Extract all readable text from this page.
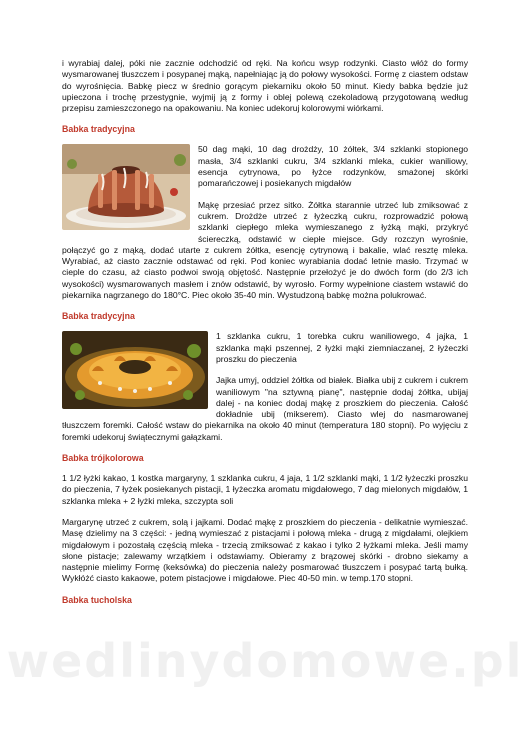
i wyrabiaj dalej, póki nie zacznie odchodzić od ręki. Na końcu wsyp rodzynki. Ciasto włóż do formy wysmarowanej tłuszczem i posypanej mąką, napełniając ją do połowy wysokości. Formę z ciastem odstaw do wyrośnięcia. Babkę piecz w średnio gorącym piekarniku około 50 minut. Kiedy babka będzie już upieczona i trochę przestygnie, wyjmij ją z formy i oblej polewą czekoladową przygotowaną według przepisu zamieszczonego na opakowaniu. Na koniec udekoruj kolorowymi wiórkami.

Babka tradycyjna

50 dag mąki, 10 dag drożdży, 10 żółtek, 3/4 szklanki stopionego masła, 3/4 szklanki cukru, 3/4 szklanki mleka, cukier waniliowy, esencja cytrynowa, po łyżce rodzynków, smażonej skórki pomarańczowej i posiekanych migdałów

Mąkę przesiać przez sitko. Żółtka starannie utrzeć lub zmiksować z cukrem. Drożdże utrzeć z łyżeczką cukru, rozprowadzić połową szklanki ciepłego mleka wymieszanego z łyżką mąki, przykryć ściereczką, odstawić w ciepłe miejsce. Gdy rozczyn wyrośnie, połączyć go z mąką, dodać utarte z cukrem żółtka, esencję cytrynową i bakalie, wlać resztę mleka. Wyrabiać, aż ciasto zacznie odstawać od ręki. Pod koniec wyrabiania dodać letnie masło. Trzymać w cieple do czasu, aż ciasto podwoi swoją objętość. Następnie przełożyć je do dwóch form (do 2/3 ich wysokości) wysmarowanych masłem i znów odstawić, by wyrosło. Formy wypełnione ciastem wstawić do piekarnika nagrzanego do 180°C. Piec około 35-40 min. Wystudzoną babkę można polukrować.

Babka tradycyjna

1 szklanka cukru, 1 torebka cukru waniliowego, 4 jajka, 1 szklanka mąki pszennej, 2 łyżki mąki ziemniaczanej, 2 łyżeczki proszku do pieczenia

Jajka umyj, oddziel żółtka od białek. Białka ubij z cukrem i cukrem waniliowym "na sztywną pianę", następnie dodaj żółtka, ubijaj dalej - na koniec dodaj mąkę z proszkiem do pieczenia. Całość dokładnie ubij (mikserem). Ciasto wlej do nasmarowanej tłuszczem foremki. Całość wstaw do piekarnika na około 40 minut (temperatura 180 stopni). Po wyjęciu z foremki udekoruj świątecznymi gałązkami.

Babka trójkolorowa

1 1/2 łyżki kakao, 1 kostka margaryny, 1 szklanka cukru, 4 jaja, 1 1/2 szklanki mąki, 1 1/2 łyżeczki proszku do pieczenia, 7 łyżek posiekanych pistacji, 1 łyżeczka aromatu migdałowego, 7 dag mielonych migdałów, 1 szklanka mleka + 2 łyżki mleka, szczypta soli

Margarynę utrzeć z cukrem, solą i jajkami. Dodać mąkę z proszkiem do pieczenia - delikatnie wymieszać. Masę dzielimy na 3 części: - jedną wymieszać z pistacjami i połową mleka - drugą z migdałami, olejkiem migdałowym i pozostałą częścią mleka - trzecią zmiksować z kakao i tylko 2 łyżkami mleka. Jeśli mamy słone pistacje; zalewamy wrzątkiem i odstawiamy. Obieramy z brązowej skórki - drobno siekamy a następnie mielimy Formę (keksówka) do pieczenia należy posmarować tłuszczem i posypać tartą bułką. Wykłóżć ciasto kakaowe, potem pistacjowe i migdałowe. Piec 40-50 min. w temp.170 stopni.

Babka tucholska
wedlinydomowe.pl
